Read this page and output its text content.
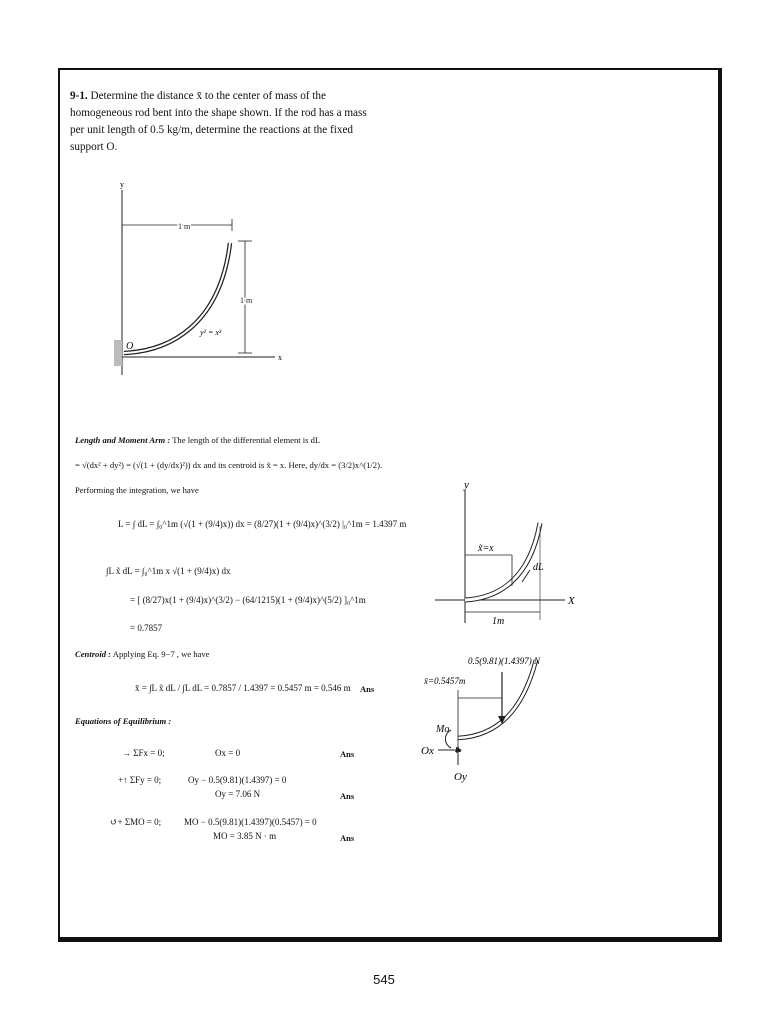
9-1. Determine the distance x̄ to the center of mass of the homogeneous rod bent into the shape shown. If the rod has a mass per unit length of 0.5 kg/m, determine the reactions at the fixed support O.
y
x
1 m
1 m
y² = x³
O
Length and Moment Arm : The length of the differential element is dL
= √(dx² + dy²) = (√(1 + (dy/dx)²)) dx and its centroid is x̃ = x. Here, dy/dx = (3/2)x^(1/2).
Performing the integration, we have
L = ∫ dL = ∫₀^1m (√(1 + (9/4)x)) dx = (8/27)(1 + (9/4)x)^(3/2) |₀^1m = 1.4397 m
∫L x̃ dL = ∫₀^1m x √(1 + (9/4)x) dx
= [ (8/27)x(1 + (9/4)x)^(3/2) − (64/1215)(1 + (9/4)x)^(5/2) ]₀^1m
= 0.7857
Centroid : Applying Eq. 9−7 , we have
x̄ = ∫L x̃ dL / ∫L dL = 0.7857 / 1.4397 = 0.5457 m = 0.546 m Ans
Equations of Equilibrium :
→ ΣFx = 0;	Ox = 0	Ans
+↑ ΣFy = 0;	Oy − 0.5(9.81)(1.4397) = 0
Oy = 7.06 N	Ans
↺+ ΣMO = 0;	MO − 0.5(9.81)(1.4397)(0.5457) = 0
MO = 3.85 N · m	Ans
y
X
x̃=x
dL
1m
0.5(9.81)(1.4397) N
x̄=0.5457m
Mo
Ox
Oy
545
